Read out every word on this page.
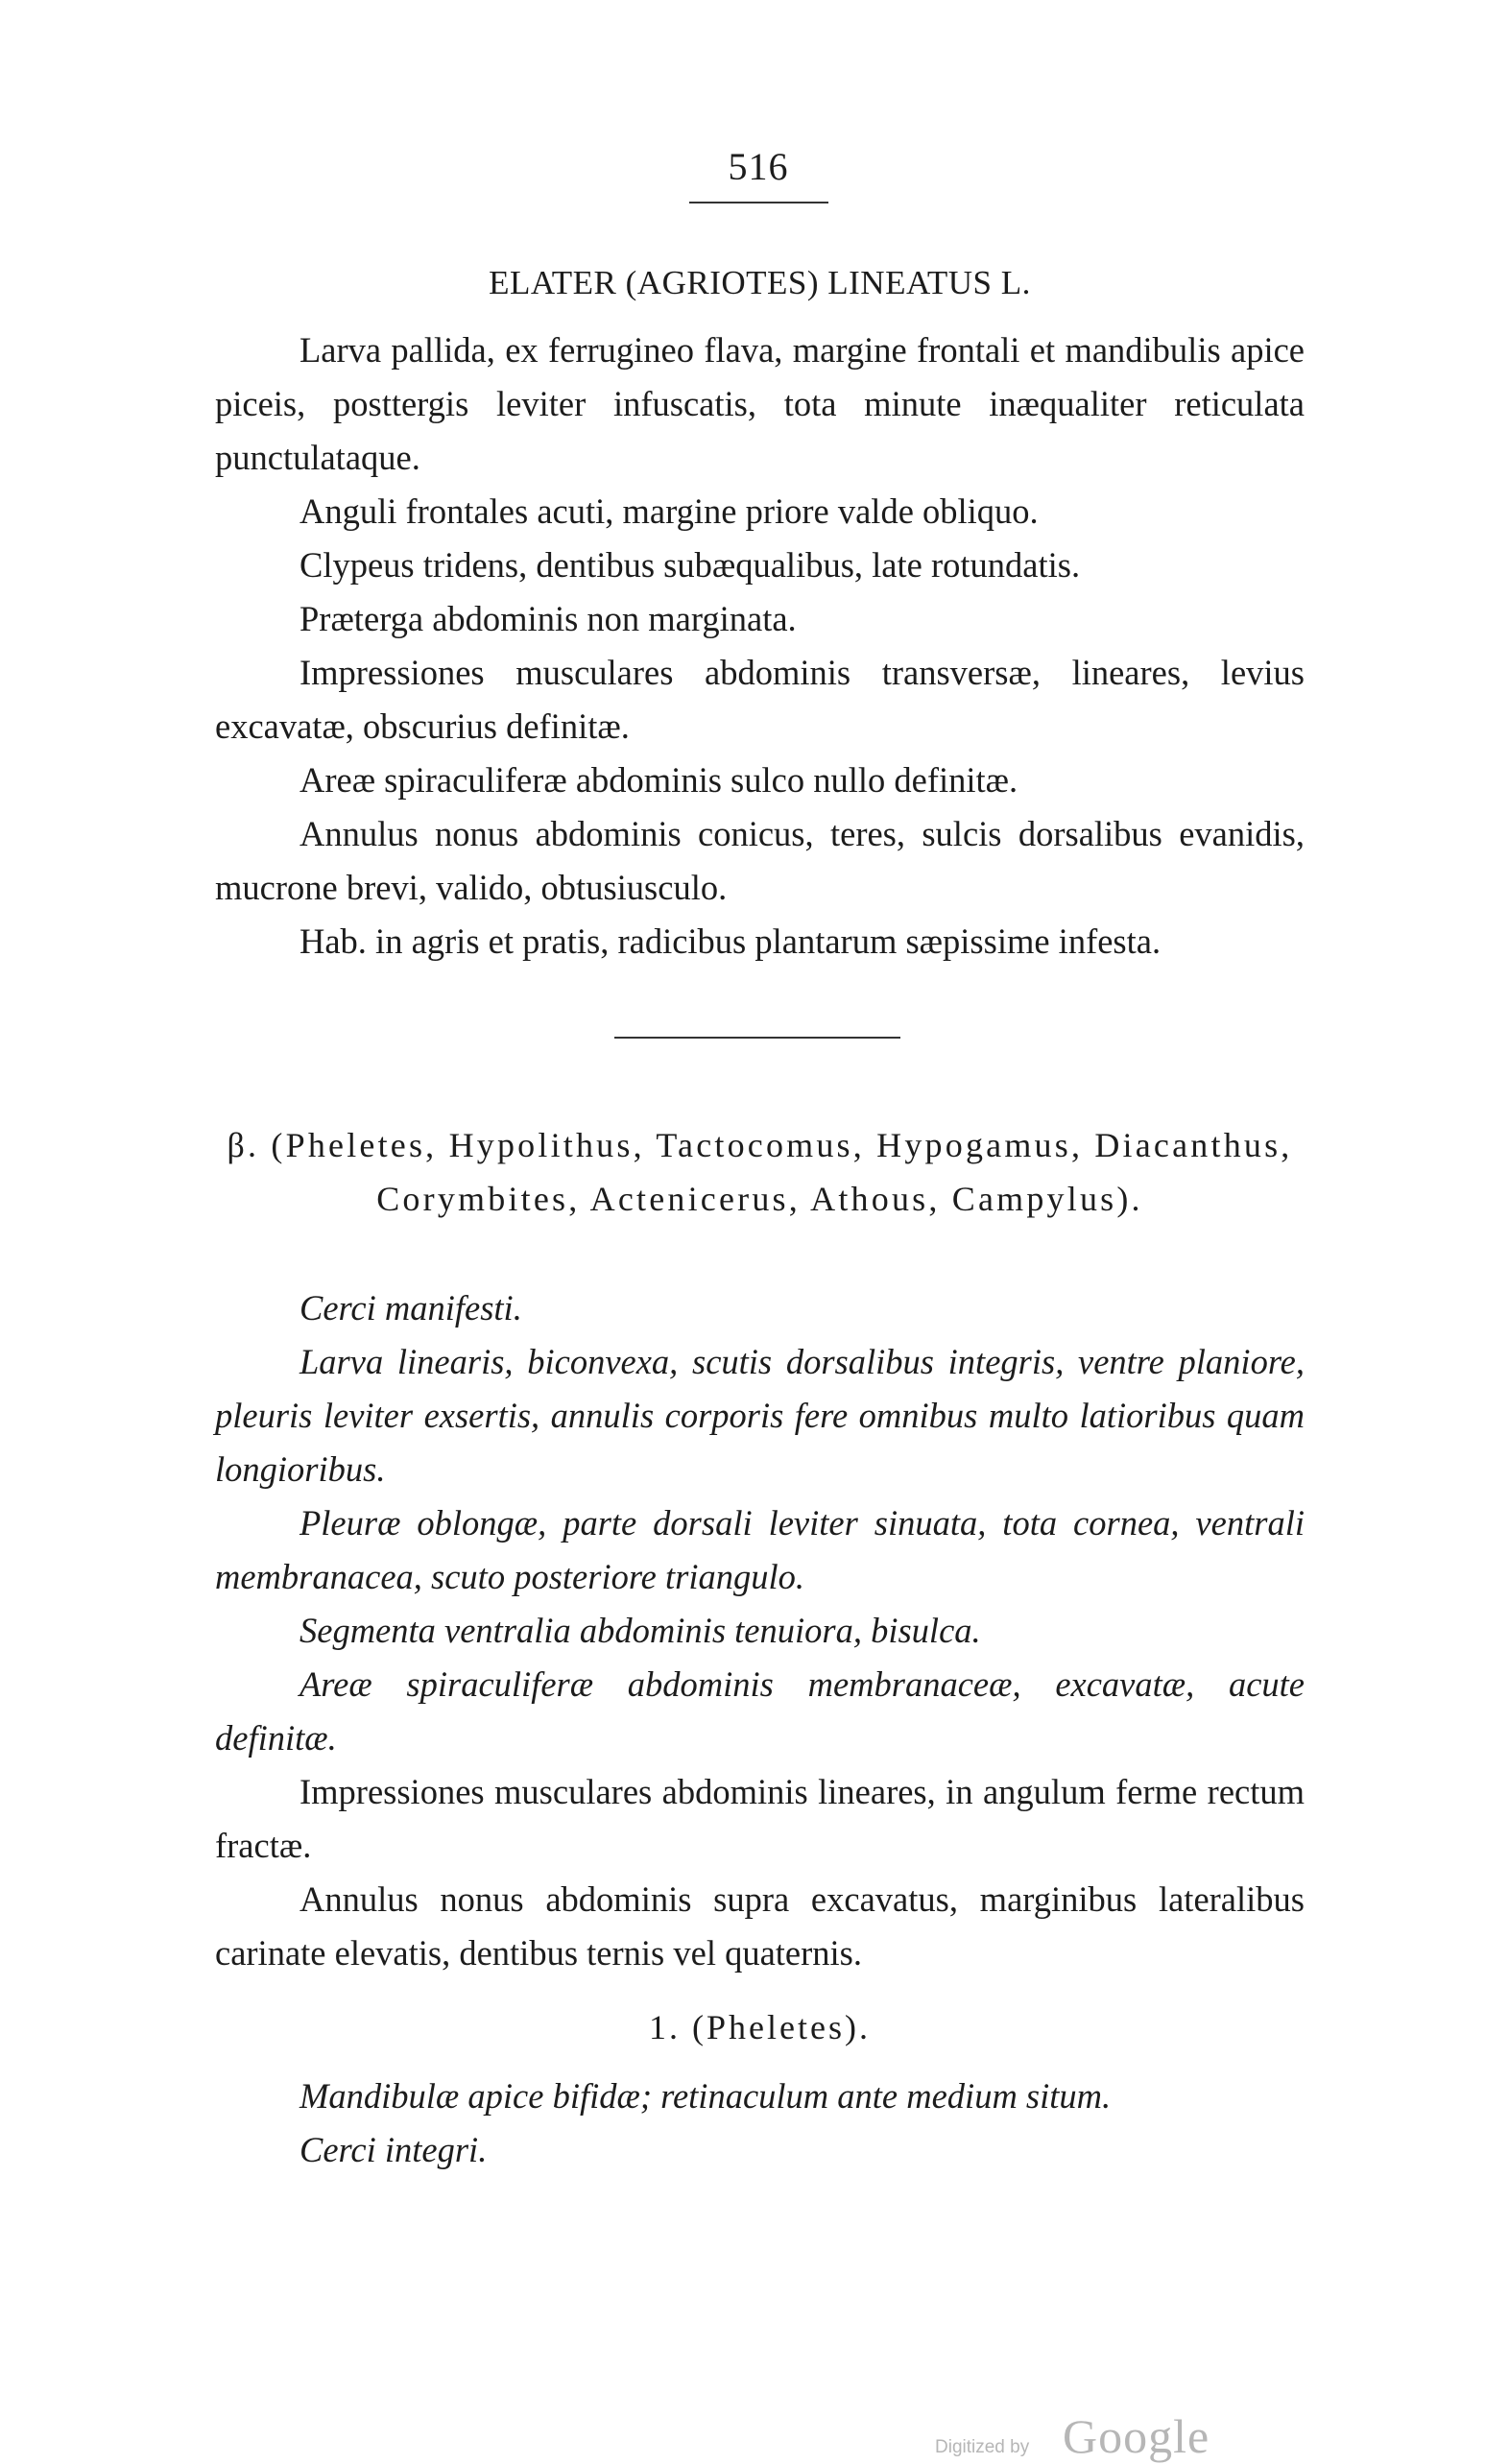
516
ELATER (AGRIOTES) LINEATUS L.

Larva pallida, ex ferrugineo flava, margine frontali et mandibulis apice piceis, posttergis leviter infuscatis, tota minute inæqualiter reticulata punctulataque.

Anguli frontales acuti, margine priore valde obliquo.

Clypeus tridens, dentibus subæqualibus, late rotundatis.

Præterga abdominis non marginata.

Impressiones musculares abdominis transversæ, lineares, levius excavatæ, obscurius definitæ.

Areæ spiraculiferæ abdominis sulco nullo definitæ.

Annulus nonus abdominis conicus, teres, sulcis dorsalibus evanidis, mucrone brevi, valido, obtusiusculo.

Hab. in agris et pratis, radicibus plantarum sæpissime infesta.

β. (Pheletes, Hypolithus, Tactocomus, Hypogamus, Diacanthus, Corymbites, Actenicerus, Athous, Campylus).

Cerci manifesti.

Larva linearis, biconvexa, scutis dorsalibus integris, ventre planiore, pleuris leviter exsertis, annulis corporis fere omnibus multo latioribus quam longioribus.

Pleuræ oblongæ, parte dorsali leviter sinuata, tota cornea, ventrali membranacea, scuto posteriore triangulo.

Segmenta ventralia abdominis tenuiora, bisulca.

Areæ spiraculiferæ abdominis membranaceæ, excavatæ, acute definitæ.

Impressiones musculares abdominis lineares, in angulum ferme rectum fractæ.

Annulus nonus abdominis supra excavatus, marginibus lateralibus carinate elevatis, dentibus ternis vel quaternis.

1. (Pheletes).

Mandibulæ apice bifidæ; retinaculum ante medium situm.

Cerci integri.

Digitized by Google
